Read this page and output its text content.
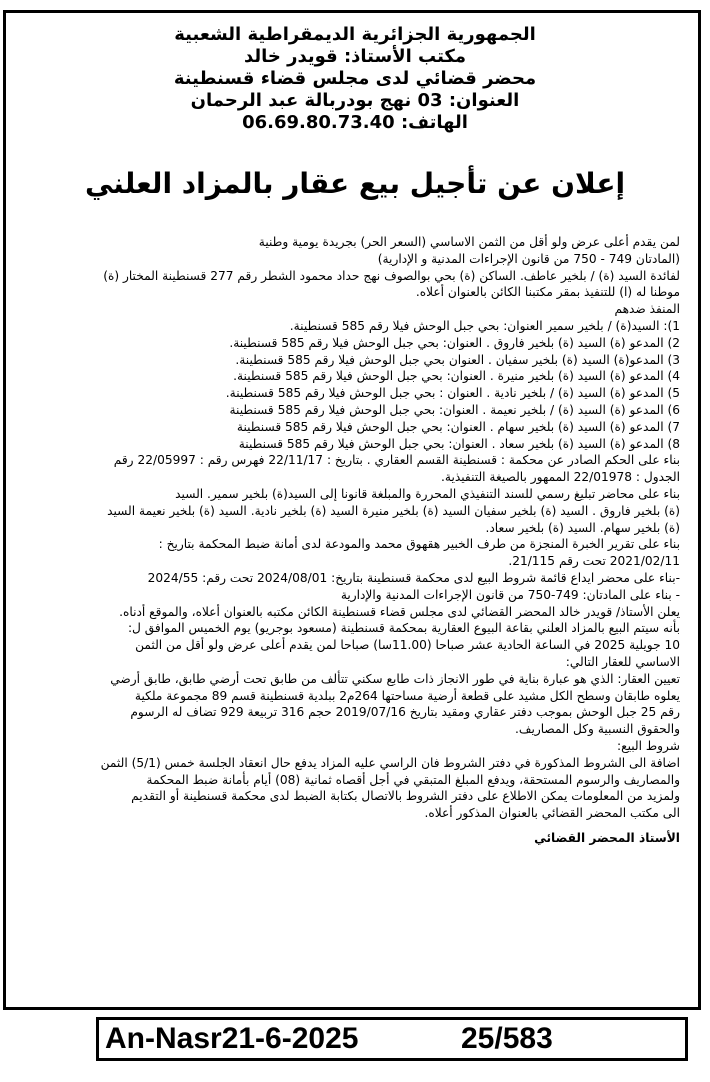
الجمهورية الجزائرية الديمقراطية الشعبية
مكتب الأستاذ: قويدر خالد
محضر قضائي لدى مجلس قضاء قسنطينة
العنوان: 03 نهج بودربالة عبد الرحمان
الهاتف: 06.69.80.73.40
إعلان عن تأجيل بيع عقار بالمزاد العلني

لمن يقدم أعلى عرض ولو أقل من الثمن الاساسي (السعر الحر) بجريدة يومية وطنية

(المادتان 749 - 750 من قانون الإجراءات المدنية و الإدارية)

لفائدة السيد (ة) / بلخير عاطف. الساكن (ة) بحي بوالصوف نهج حداد محمود الشطر رقم 277 قسنطينة المختار (ة)

موطنا له (ا) للتنفيذ بمقر مكتبنا الكائن بالعنوان أعلاه.

المنفذ ضدهم

1): السيد(ة) / بلخير سمير العنوان: بحي جبل الوحش فيلا رقم 585 قسنطينة.

2) المدعو (ة) السيد (ة) بلخير فاروق . العنوان: بحي جبل الوحش فيلا رقم 585 قسنطينة.

3) المدعو(ة) السيد (ة) بلخير سفيان . العنوان بحي جبل الوحش فيلا رقم 585 قسنطينة.

4) المدعو (ة) السيد (ة) بلخير منيرة . العنوان: بحي جبل الوحش فيلا رقم 585 قسنطينة.

5) المدعو (ة) السيد (ة) / بلخير نادية . العنوان : بحي جبل الوحش فيلا رقم 585 قسنطينة.

6) المدعو (ة) السيد (ة) / بلخير نعيمة . العنوان: بحي جبل الوحش فيلا رقم 585 قسنطينة

7) المدعو (ة) السيد (ة) بلخير سهام . العنوان: بحي جبل الوحش فيلا رقم 585 قسنطينة

8) المدعو (ة) السيد (ة) بلخير سعاد . العنوان: بحي جبل الوحش فيلا رقم 585 قسنطينة

بناء على الحكم الصادر عن محكمة : قسنطينة القسم العقاري . بتاريخ : 22/11/17 فهرس رقم : 22/05997 رقم

الجدول : 22/01978 الممهور بالصيغة التنفيذية.

بناء على محاضر تبليغ رسمي للسند التنفيذي المحررة والمبلغة قانونا إلى السيد(ة) بلخير سمير. السيد

(ة) بلخير فاروق . السيد (ة) بلخير سفيان السيد (ة) بلخير منيرة السيد (ة) بلخير نادية. السيد (ة) بلخير نعيمة السيد

(ة) بلخير سهام. السيد (ة) بلخير سعاد.

بناء على تقرير الخبرة المنجزة من طرف الخبير هقهوق محمد والمودعة لدى أمانة ضبط المحكمة بتاريخ :

2021/02/11 تحت رقم 21/115.

-بناء على محضر ايداع قائمة شروط البيع لدى محكمة قسنطينة بتاريخ: 2024/08/01 تحت رقم: 2024/55

- بناء على المادتان: 749-750 من قانون الإجراءات المدنية والإدارية

يعلن الأستاذ/ قويدر خالد المحضر القضائي لدى مجلس قضاء قسنطينة الكائن مكتبه بالعنوان أعلاه، والموقع أدناه.

بأنه سيتم البيع بالمزاد العلني بقاعة البيوع العقارية بمحكمة قسنطينة (مسعود بوجريو) يوم الخميس الموافق ل:

10 جويلية 2025 في الساعة الحادية عشر صباحا (11.00سا) صباحا لمن يقدم أعلى عرض ولو أقل من الثمن

الاساسي للعقار التالي:

تعيين العقار: الذي هو عبارة بناية في طور الانجاز ذات طابع سكني تتألف من طابق تحت أرضي طابق، طابق أرضي

يعلوه طابقان وسطح الكل مشيد على قطعة أرضية مساحتها 264م2 ببلدية قسنطينة قسم 89 مجموعة ملكية

رقم 25 جبل الوحش بموجب دفتر عقاري ومقيد بتاريخ 2019/07/16 حجم 316 تربيعة 929 تضاف له الرسوم

والحقوق النسبية وكل المصاريف.

شروط البيع:

اضافة الى الشروط المذكورة في دفتر الشروط فان الراسي عليه المزاد يدفع حال انعقاد الجلسة خمس (5/1) الثمن

والمصاريف والرسوم المستحقة، ويدفع المبلغ المتبقي في أجل أقصاه ثمانية (08) أيام بأمانة ضبط المحكمة

ولمزيد من المعلومات يمكن الاطلاع على دفتر الشروط بالاتصال بكتابة الضبط لدى محكمة قسنطينة أو التقديم

الى مكتب المحضر القضائي بالعنوان المذكور أعلاه.

الأستاذ المحضر القضائي

An-Nasr21-6-2025	25/583
